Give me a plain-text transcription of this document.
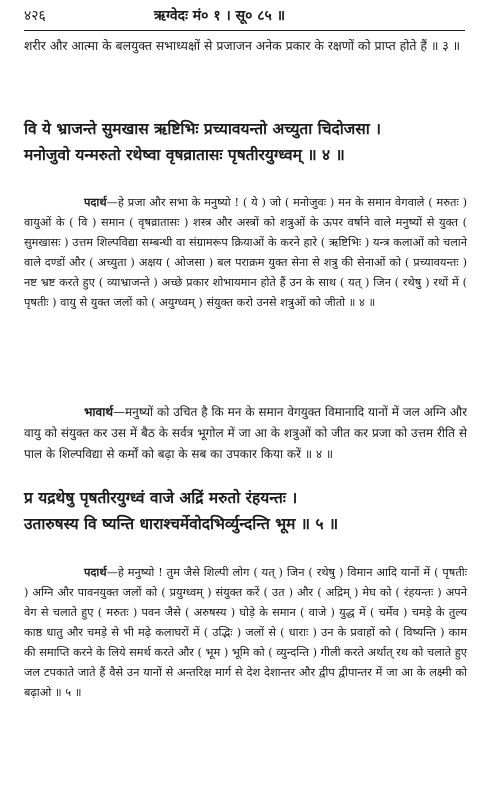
४२६	ऋग्वेदः मं० १ । सू० ८५ ॥
शरीर और आत्मा के बलयुक्त सभाध्यक्षों से प्रजाजन अनेक प्रकार के रक्षणों को प्राप्त होते हैं ॥ ३ ॥
वि ये भ्राजन्ते सुमखास ऋष्टिभिः प्रच्यावयन्तो अच्युता चिदोजसा ।
मनोजुवो यन्मरुतो रथेष्वा वृषव्रातासः पृषतीरयुग्ध्वम् ॥ ४ ॥
पदार्थ—हे प्रजा और सभा के मनुष्यो ! ( ये ) जो ( मनोजुवः ) मन के समान वेगवाले ( मरुतः ) वायुओं के ( वि ) समान ( वृषव्रातासः ) शस्त्र और अस्त्रों को शत्रुओं के ऊपर वर्षाने वाले मनुष्यों से युक्त ( सुमखासः ) उत्तम शिल्पविद्या सम्बन्धी वा संग्रामरूप क्रियाओं के करने हारे ( ऋष्टिभिः ) यन्त्र कलाओं को चलाने वाले दण्डों और ( अच्युता ) अक्षय ( ओजसा ) बल पराक्रम युक्त सेना से शत्रु की सेनाओं को ( प्रच्यावयन्तः ) नष्ट भ्रष्ट करते हुए ( व्याभ्राजन्ते ) अच्छे प्रकार शोभायमान होते हैं उन के साथ ( यत् ) जिन ( रथेषु ) रथों में ( पृषतीः ) वायु से युक्त जलों को ( अयुग्ध्वम् ) संयुक्त करो उनसे शत्रुओं को जीतो ॥ ४ ॥
भावार्थ—मनुष्यों को उचित है कि मन के समान वेगयुक्त विमानादि यानों में जल अग्नि और वायु को संयुक्त कर उस में बैठ के सर्वत्र भूगोल में जा आ के शत्रुओं को जीत कर प्रजा को उत्तम रीति से पाल के शिल्पविद्या से कर्मों को बढ़ा के सब का उपकार किया करें ॥ ४ ॥
प्र यद्रथेषु पृषतीरयुग्ध्वं वाजे अद्रिं मरुतो रंहयन्तः ।
उतारुषस्य वि ष्यन्ति धाराश्चर्मेवोदभिर्व्युन्दन्ति भूम ॥ ५ ॥
पदार्थ—हे मनुष्यो ! तुम जैसे शिल्पी लोग ( यत् ) जिन ( रथेषु ) विमान आदि यानों में ( पृषतीः ) अग्नि और पावनयुक्त जलों को ( प्रयुग्ध्वम् ) संयुक्त करें ( उत ) और ( अद्रिम् ) मेघ को ( रंहयन्तः ) अपने वेग से चलाते हुए ( मरुतः ) पवन जैसे ( अरुषस्य ) घोड़े के समान ( वाजे ) युद्ध में ( चर्मेव ) चमड़े के तुल्य काष्ठ धातु और चमड़े से भी मढ़े कलाघरों में ( उद्भिः ) जलों से ( धाराः ) उन के प्रवाहों को ( विष्यन्ति ) काम की समाप्ति करने के लिये समर्थ करते और ( भूम ) भूमि को ( व्युन्दन्ति ) गीली करते अर्थात् रथ को चलाते हुए जल टपकाते जाते हैं वैसे उन यानों से अन्तरिक्ष मार्ग से देश देशान्तर और द्वीप द्वीपान्तर में जा आ के लक्ष्मी को बढ़ाओ ॥ ५ ॥
